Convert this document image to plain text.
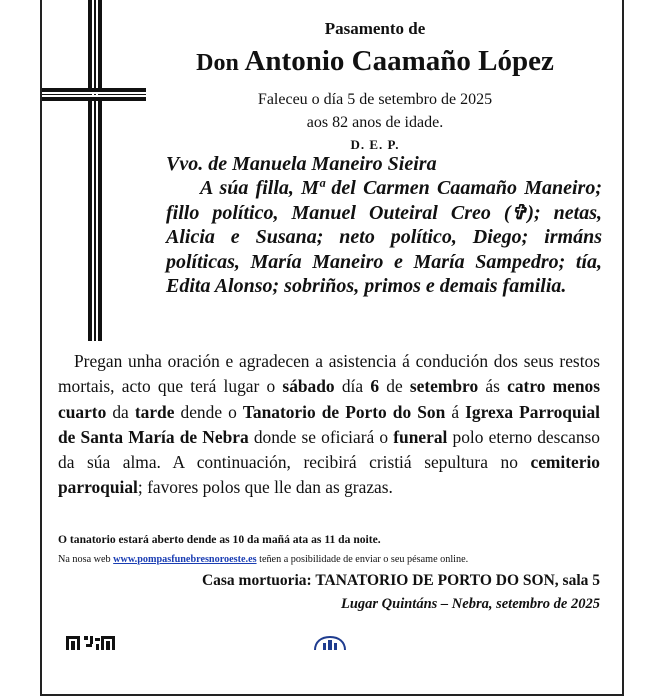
Pasamento de
Don Antonio Caamaño López
Faleceu o día 5 de setembro de 2025
aos 82 anos de idade.
D. E. P.
Vvo. de Manuela Maneiro Sieira

A súa filla, Mª del Carmen Caamaño Maneiro; fillo político, Manuel Outeiral Creo (✞); netas, Alicia e Susana; neto político, Diego; irmáns políticas, María Maneiro e María Sampedro; tía, Edita Alonso; sobriños, primos e demais familia.

Pregan unha oración e agradecen a asistencia á condución dos seus restos mortais, acto que terá lugar o sábado día 6 de setembro ás catro menos cuarto da tarde dende o Tanatorio de Porto do Son á Igrexa Parroquial de Santa María de Nebra donde se oficiará o funeral polo eterno descanso da súa alma. A continuación, recibirá cristiá sepultura no cemiterio parroquial; favores polos que lle dan as grazas.

O tanatorio estará aberto dende as 10 da mañá ata as 11 da noite.
Na nosa web www.pompasfunebresnoroeste.es teñen a posibilidade de enviar o seu pésame online.
Casa mortuoria: TANATORIO DE PORTO DO SON, sala 5
Lugar Quintáns – Nebra, setembro de 2025
